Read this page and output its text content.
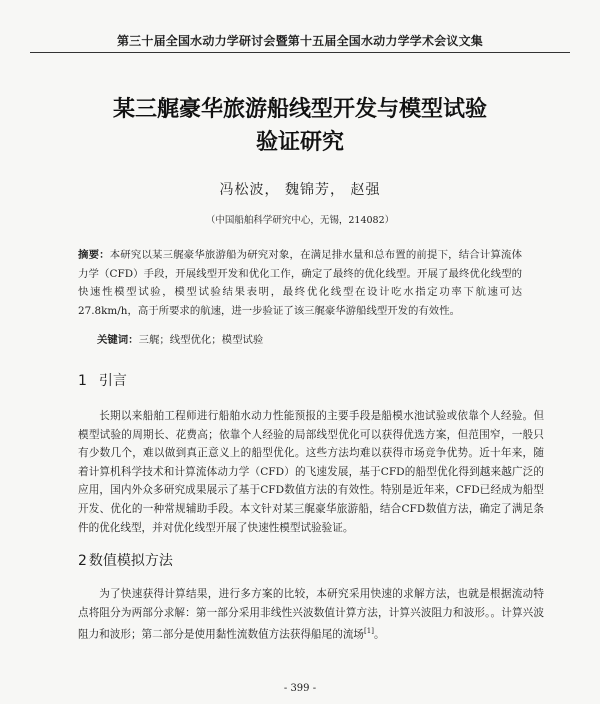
第三十届全国水动力学研讨会暨第十五届全国水动力学学术会议文集
某三艉豪华旅游船线型开发与模型试验
验证研究
冯松波， 魏锦芳， 赵强
（中国船舶科学研究中心，无锡，214082）
摘要：本研究以某三艉豪华旅游船为研究对象，在满足排水量和总布置的前提下，结合计算流体力学（CFD）手段，开展线型开发和优化工作，确定了最终的优化线型。开展了最终优化线型的快速性模型试验，模型试验结果表明，最终优化线型在设计吃水指定功率下航速可达27.8km/h，高于所要求的航速，进一步验证了该三艉豪华游船线型开发的有效性。
关键词：三艉；线型优化；模型试验
1 引言
长期以来船舶工程师进行船舶水动力性能预报的主要手段是船模水池试验或依靠个人经验。但模型试验的周期长、花费高；依靠个人经验的局部线型优化可以获得优选方案，但范围窄，一般只有少数几个，难以做到真正意义上的船型优化。这些方法均难以获得市场竞争优势。近十年来，随着计算机科学技术和计算流体动力学（CFD）的飞速发展，基于CFD的船型优化得到越来越广泛的应用，国内外众多研究成果展示了基于CFD数值方法的有效性。特别是近年来，CFD已经成为船型开发、优化的一种常规辅助手段。本文针对某三艉豪华旅游船，结合CFD数值方法，确定了满足条件的优化线型，并对优化线型开展了快速性模型试验验证。
2 数值模拟方法
为了快速获得计算结果，进行多方案的比较，本研究采用快速的求解方法，也就是根据流动特点将阻分为两部分求解：第一部分采用非线性兴波数值计算方法，计算兴波阻力和波形。。计算兴波阻力和波形；第二部分是使用黏性流数值方法获得船尾的流场[1]。
- 399 -
